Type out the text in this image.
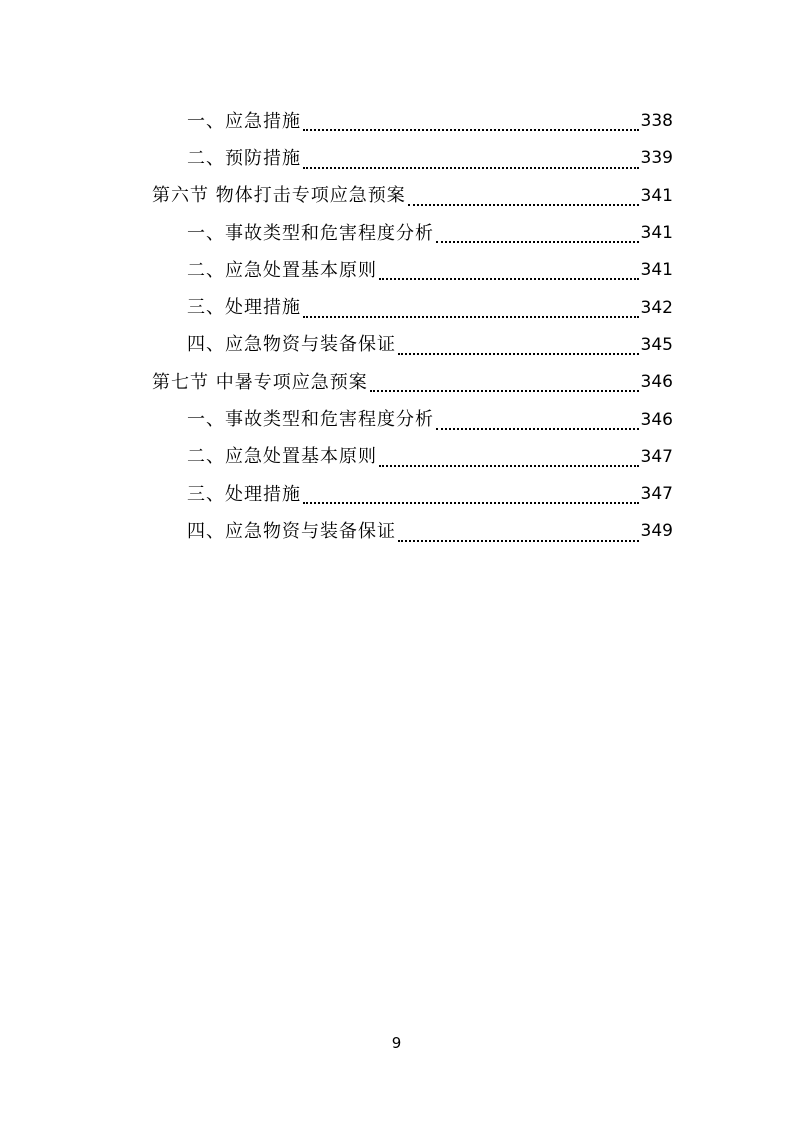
一、应急措施	338
二、预防措施	339
第六节 物体打击专项应急预案	341
一、事故类型和危害程度分析	341
二、应急处置基本原则	341
三、处理措施	342
四、应急物资与装备保证	345
第七节 中暑专项应急预案	346
一、事故类型和危害程度分析	346
二、应急处置基本原则	347
三、处理措施	347
四、应急物资与装备保证	349
9
